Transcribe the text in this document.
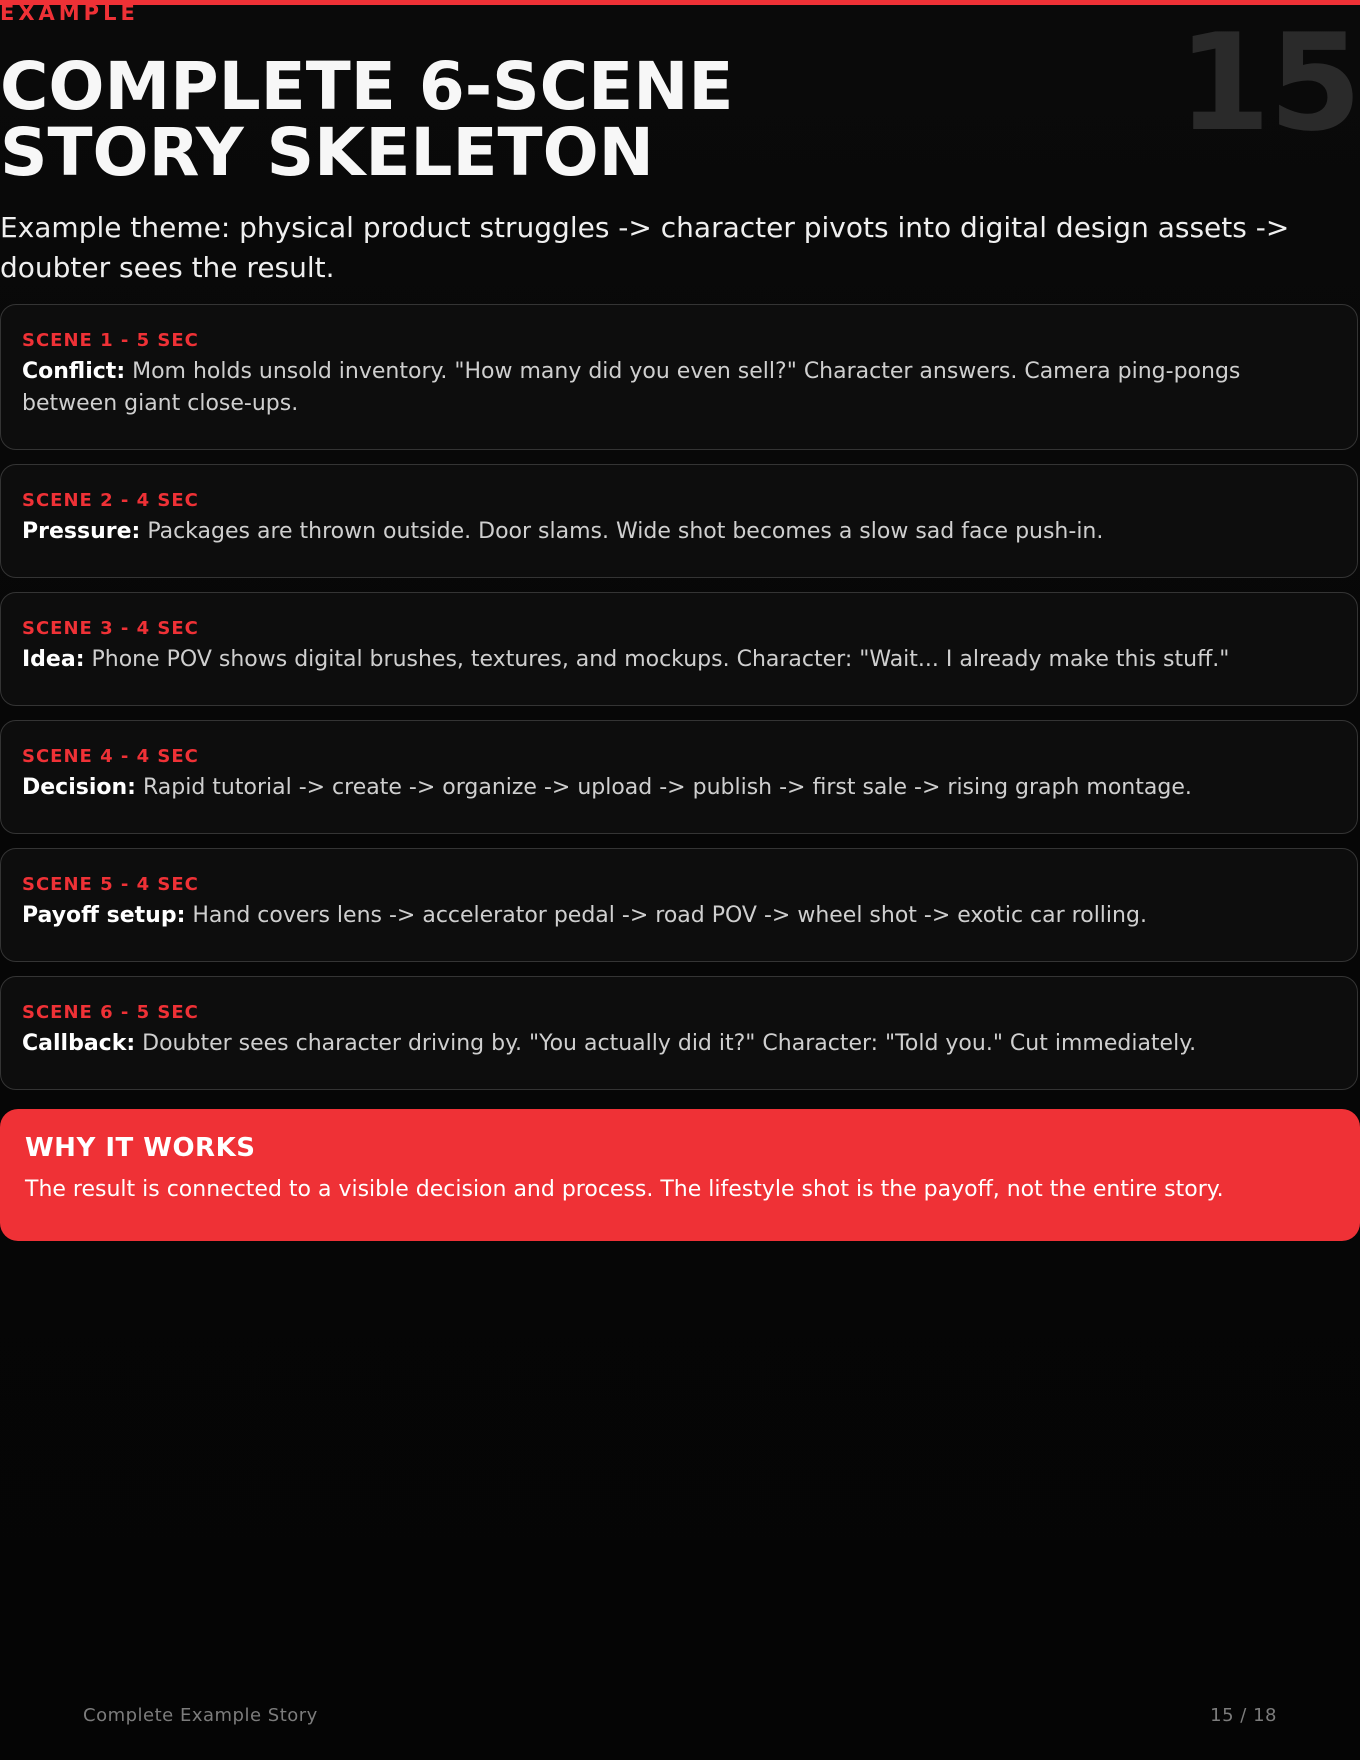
EXAMPLE	15
COMPLETE 6-SCENE
STORY SKELETON
Example theme: physical product struggles -> character pivots into digital design assets -> doubter sees the result.
SCENE 1 - 5 SEC
Conflict: Mom holds unsold inventory. "How many did you even sell?" Character answers. Camera ping-pongs between giant close-ups.
SCENE 2 - 4 SEC
Pressure: Packages are thrown outside. Door slams. Wide shot becomes a slow sad face push-in.
SCENE 3 - 4 SEC
Idea: Phone POV shows digital brushes, textures, and mockups. Character: "Wait... I already make this stuff."
SCENE 4 - 4 SEC
Decision: Rapid tutorial -> create -> organize -> upload -> publish -> first sale -> rising graph montage.
SCENE 5 - 4 SEC
Payoff setup: Hand covers lens -> accelerator pedal -> road POV -> wheel shot -> exotic car rolling.
SCENE 6 - 5 SEC
Callback: Doubter sees character driving by. "You actually did it?" Character: "Told you." Cut immediately.
WHY IT WORKS
The result is connected to a visible decision and process. The lifestyle shot is the payoff, not the entire story.
Complete Example Story	15 / 18
